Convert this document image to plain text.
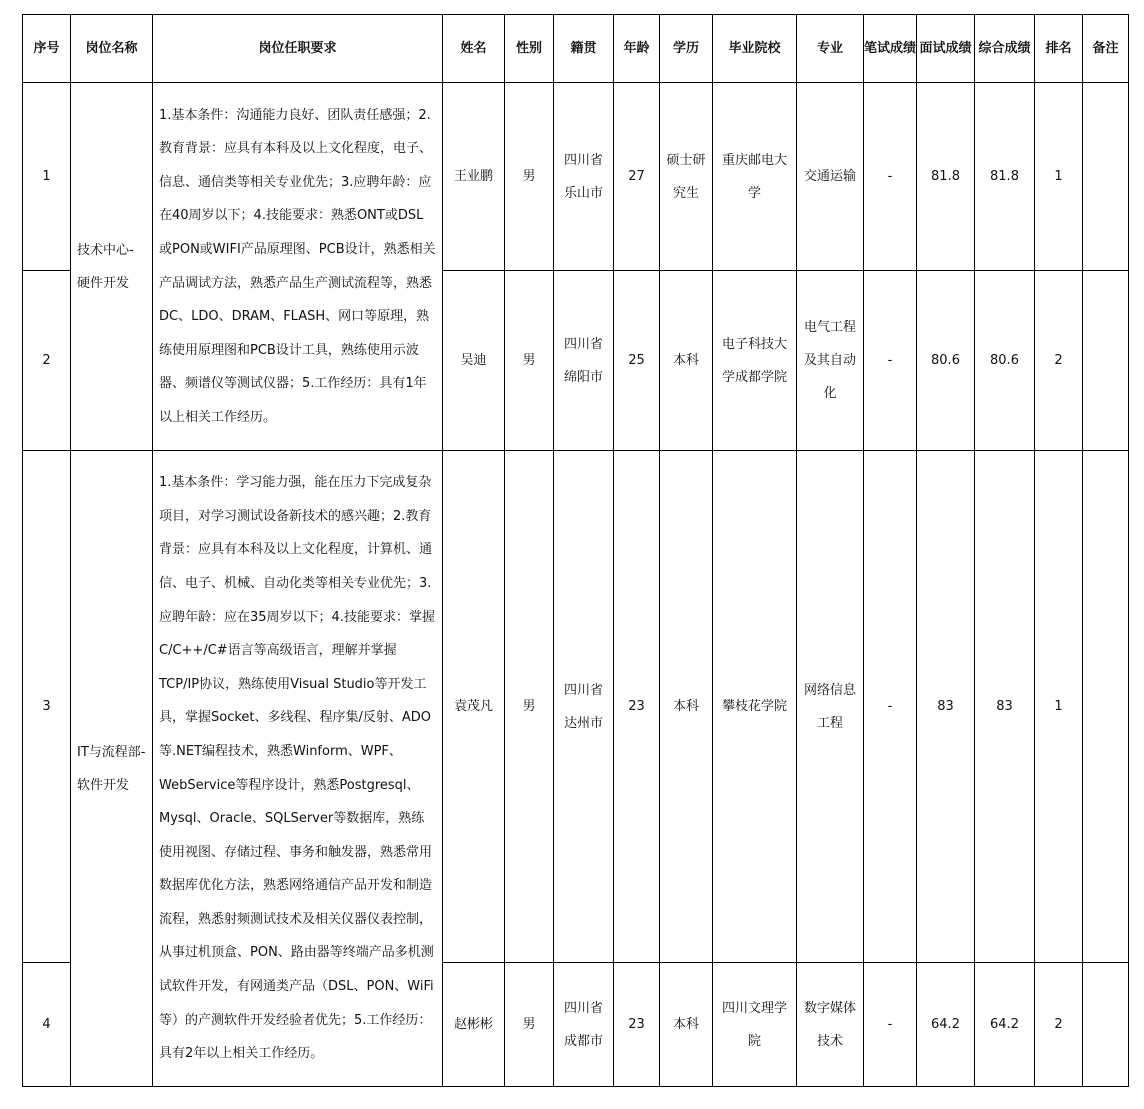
序号	岗位名称	岗位任职要求	姓名	性别	籍贯	年龄	学历	毕业院校	专业	笔试成绩	面试成绩	综合成绩	排名	备注
1	技术中心-硬件开发	1.基本条件：沟通能力良好、团队责任感强；2.教育背景：应具有本科及以上文化程度，电子、信息、通信类等相关专业优先；3.应聘年龄：应在40周岁以下；4.技能要求：熟悉ONT或DSL或PON或WIFI产品原理图、PCB设计，熟悉相关产品调试方法，熟悉产品生产测试流程等，熟悉DC、LDO、DRAM、FLASH、网口等原理，熟练使用原理图和PCB设计工具，熟练使用示波器、频谱仪等测试仪器；5.工作经历：具有1年以上相关工作经历。	王业鹏	男	四川省乐山市	27	硕士研究生	重庆邮电大学	交通运输	-	81.8	81.8	1	
2			吴迪	男	四川省绵阳市	25	本科	电子科技大学成都学院	电气工程及其自动化	-	80.6	80.6	2	
3	IT与流程部-软件开发	1.基本条件：学习能力强，能在压力下完成复杂项目，对学习测试设备新技术的感兴趣；2.教育背景：应具有本科及以上文化程度，计算机、通信、电子、机械、自动化类等相关专业优先；3.应聘年龄：应在35周岁以下；4.技能要求：掌握C/C++/C#语言等高级语言，理解并掌握TCP/IP协议，熟练使用Visual Studio等开发工具，掌握Socket、多线程、程序集/反射、ADO等.NET编程技术，熟悉Winform、WPF、WebService等程序设计，熟悉Postgresql、Mysql、Oracle、SQLServer等数据库，熟练使用视图、存储过程、事务和触发器，熟悉常用数据库优化方法，熟悉网络通信产品开发和制造流程，熟悉射频测试技术及相关仪器仪表控制，从事过机顶盒、PON、路由器等终端产品多机测试软件开发，有网通类产品（DSL、PON、WiFi等）的产测软件开发经验者优先；5.工作经历：具有2年以上相关工作经历。	袁茂凡	男	四川省达州市	23	本科	攀枝花学院	网络信息工程	-	83	83	1	
4			赵彬彬	男	四川省成都市	23	本科	四川文理学院	数字媒体技术	-	64.2	64.2	2	
